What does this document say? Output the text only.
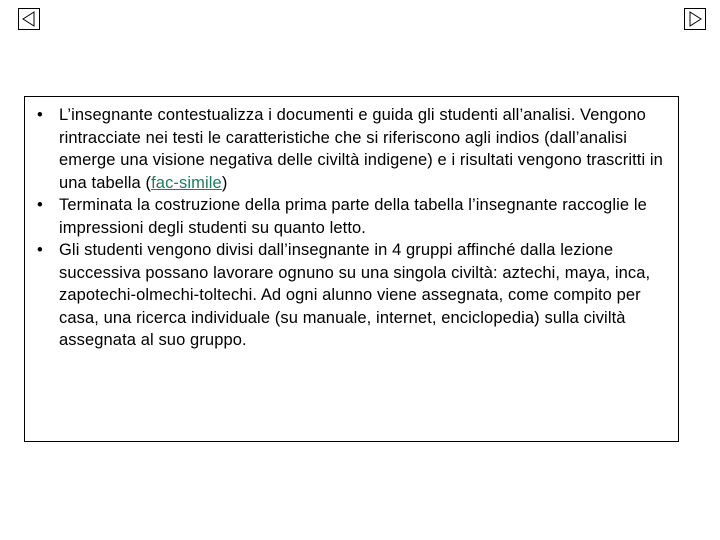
• L’insegnante contestualizza i documenti e guida gli studenti all’analisi. Vengono rintracciate nei testi le caratteristiche che si riferiscono agli indios (dall’analisi emerge una visione negativa delle civiltà indigene) e i risultati vengono trascritti in una tabella (fac-simile)
• Terminata la costruzione della prima parte della tabella l’insegnante raccoglie le impressioni degli studenti su quanto letto.
• Gli studenti vengono divisi dall’insegnante in 4 gruppi affinché dalla lezione successiva possano lavorare ognuno su una singola civiltà: aztechi, maya, inca, zapotechi-olmechi-toltechi. Ad ogni alunno viene assegnata, come compito per casa, una ricerca individuale (su manuale, internet, enciclopedia) sulla civiltà assegnata al suo gruppo.
